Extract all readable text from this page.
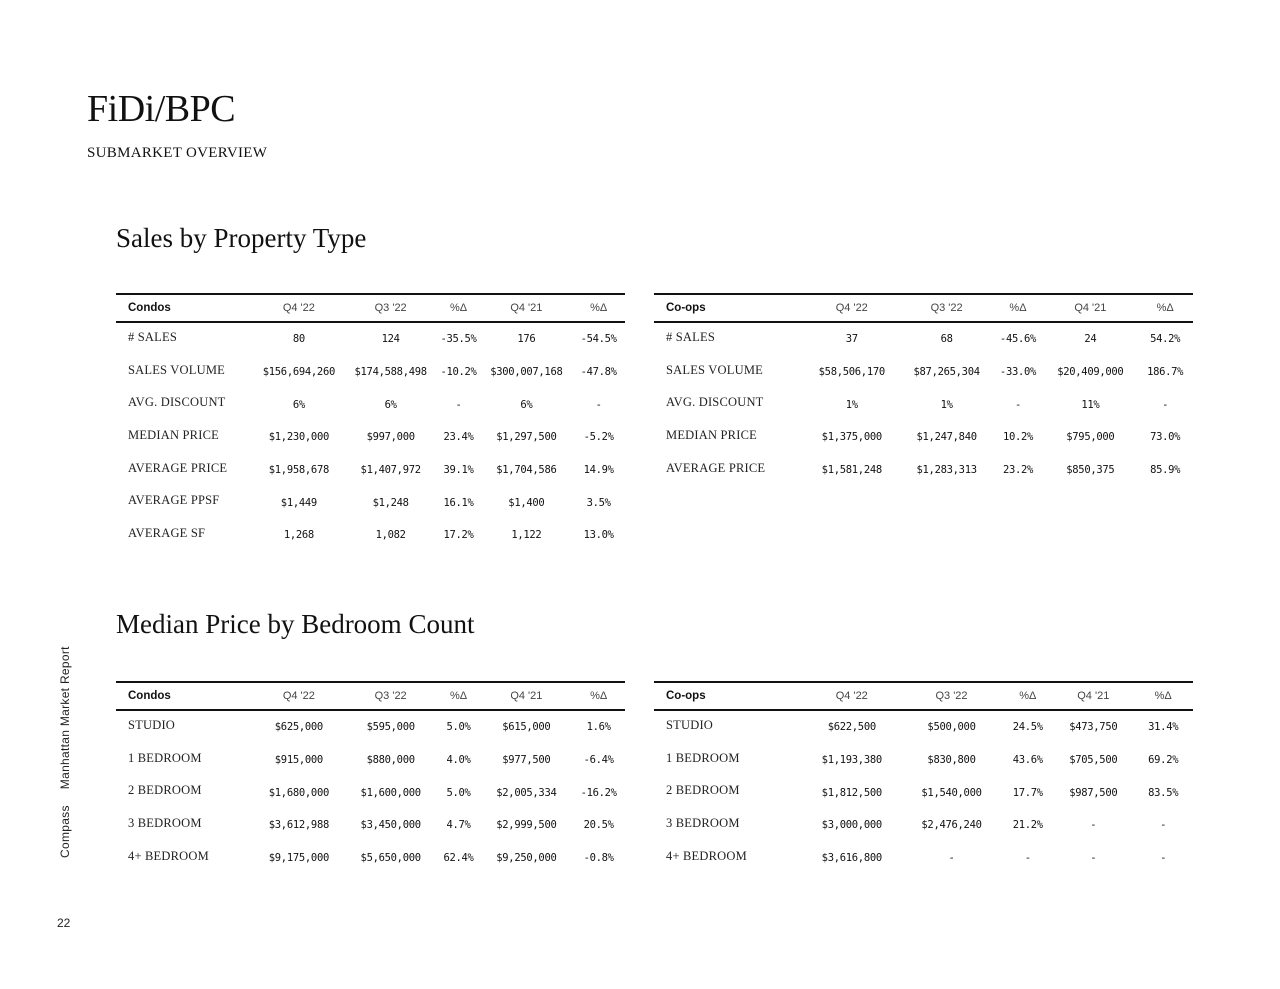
FiDi/BPC
SUBMARKET OVERVIEW
Sales by Property Type
Median Price by Bedroom Count
Condos	Q4 '22	Q3 '22	%Δ	Q4 '21	%Δ
# SALES	80	124	-35.5%	176	-54.5%
SALES VOLUME	$156,694,260	$174,588,498	-10.2%	$300,007,168	-47.8%
AVG. DISCOUNT	6%	6%	-	6%	-
MEDIAN PRICE	$1,230,000	$997,000	23.4%	$1,297,500	-5.2%
AVERAGE PRICE	$1,958,678	$1,407,972	39.1%	$1,704,586	14.9%
AVERAGE PPSF	$1,449	$1,248	16.1%	$1,400	3.5%
AVERAGE SF	1,268	1,082	17.2%	1,122	13.0%
Co-ops	Q4 '22	Q3 '22	%Δ	Q4 '21	%Δ
# SALES	37	68	-45.6%	24	54.2%
SALES VOLUME	$58,506,170	$87,265,304	-33.0%	$20,409,000	186.7%
AVG. DISCOUNT	1%	1%	-	11%	-
MEDIAN PRICE	$1,375,000	$1,247,840	10.2%	$795,000	73.0%
AVERAGE PRICE	$1,581,248	$1,283,313	23.2%	$850,375	85.9%
Condos	Q4 '22	Q3 '22	%Δ	Q4 '21	%Δ
STUDIO	$625,000	$595,000	5.0%	$615,000	1.6%
1 BEDROOM	$915,000	$880,000	4.0%	$977,500	-6.4%
2 BEDROOM	$1,680,000	$1,600,000	5.0%	$2,005,334	-16.2%
3 BEDROOM	$3,612,988	$3,450,000	4.7%	$2,999,500	20.5%
4+ BEDROOM	$9,175,000	$5,650,000	62.4%	$9,250,000	-0.8%
Co-ops	Q4 '22	Q3 '22	%Δ	Q4 '21	%Δ
STUDIO	$622,500	$500,000	24.5%	$473,750	31.4%
1 BEDROOM	$1,193,380	$830,800	43.6%	$705,500	69.2%
2 BEDROOM	$1,812,500	$1,540,000	17.7%	$987,500	83.5%
3 BEDROOM	$3,000,000	$2,476,240	21.2%	-	-
4+ BEDROOM	$3,616,800	-	-	-	-
CompassManhattan Market Report
22
